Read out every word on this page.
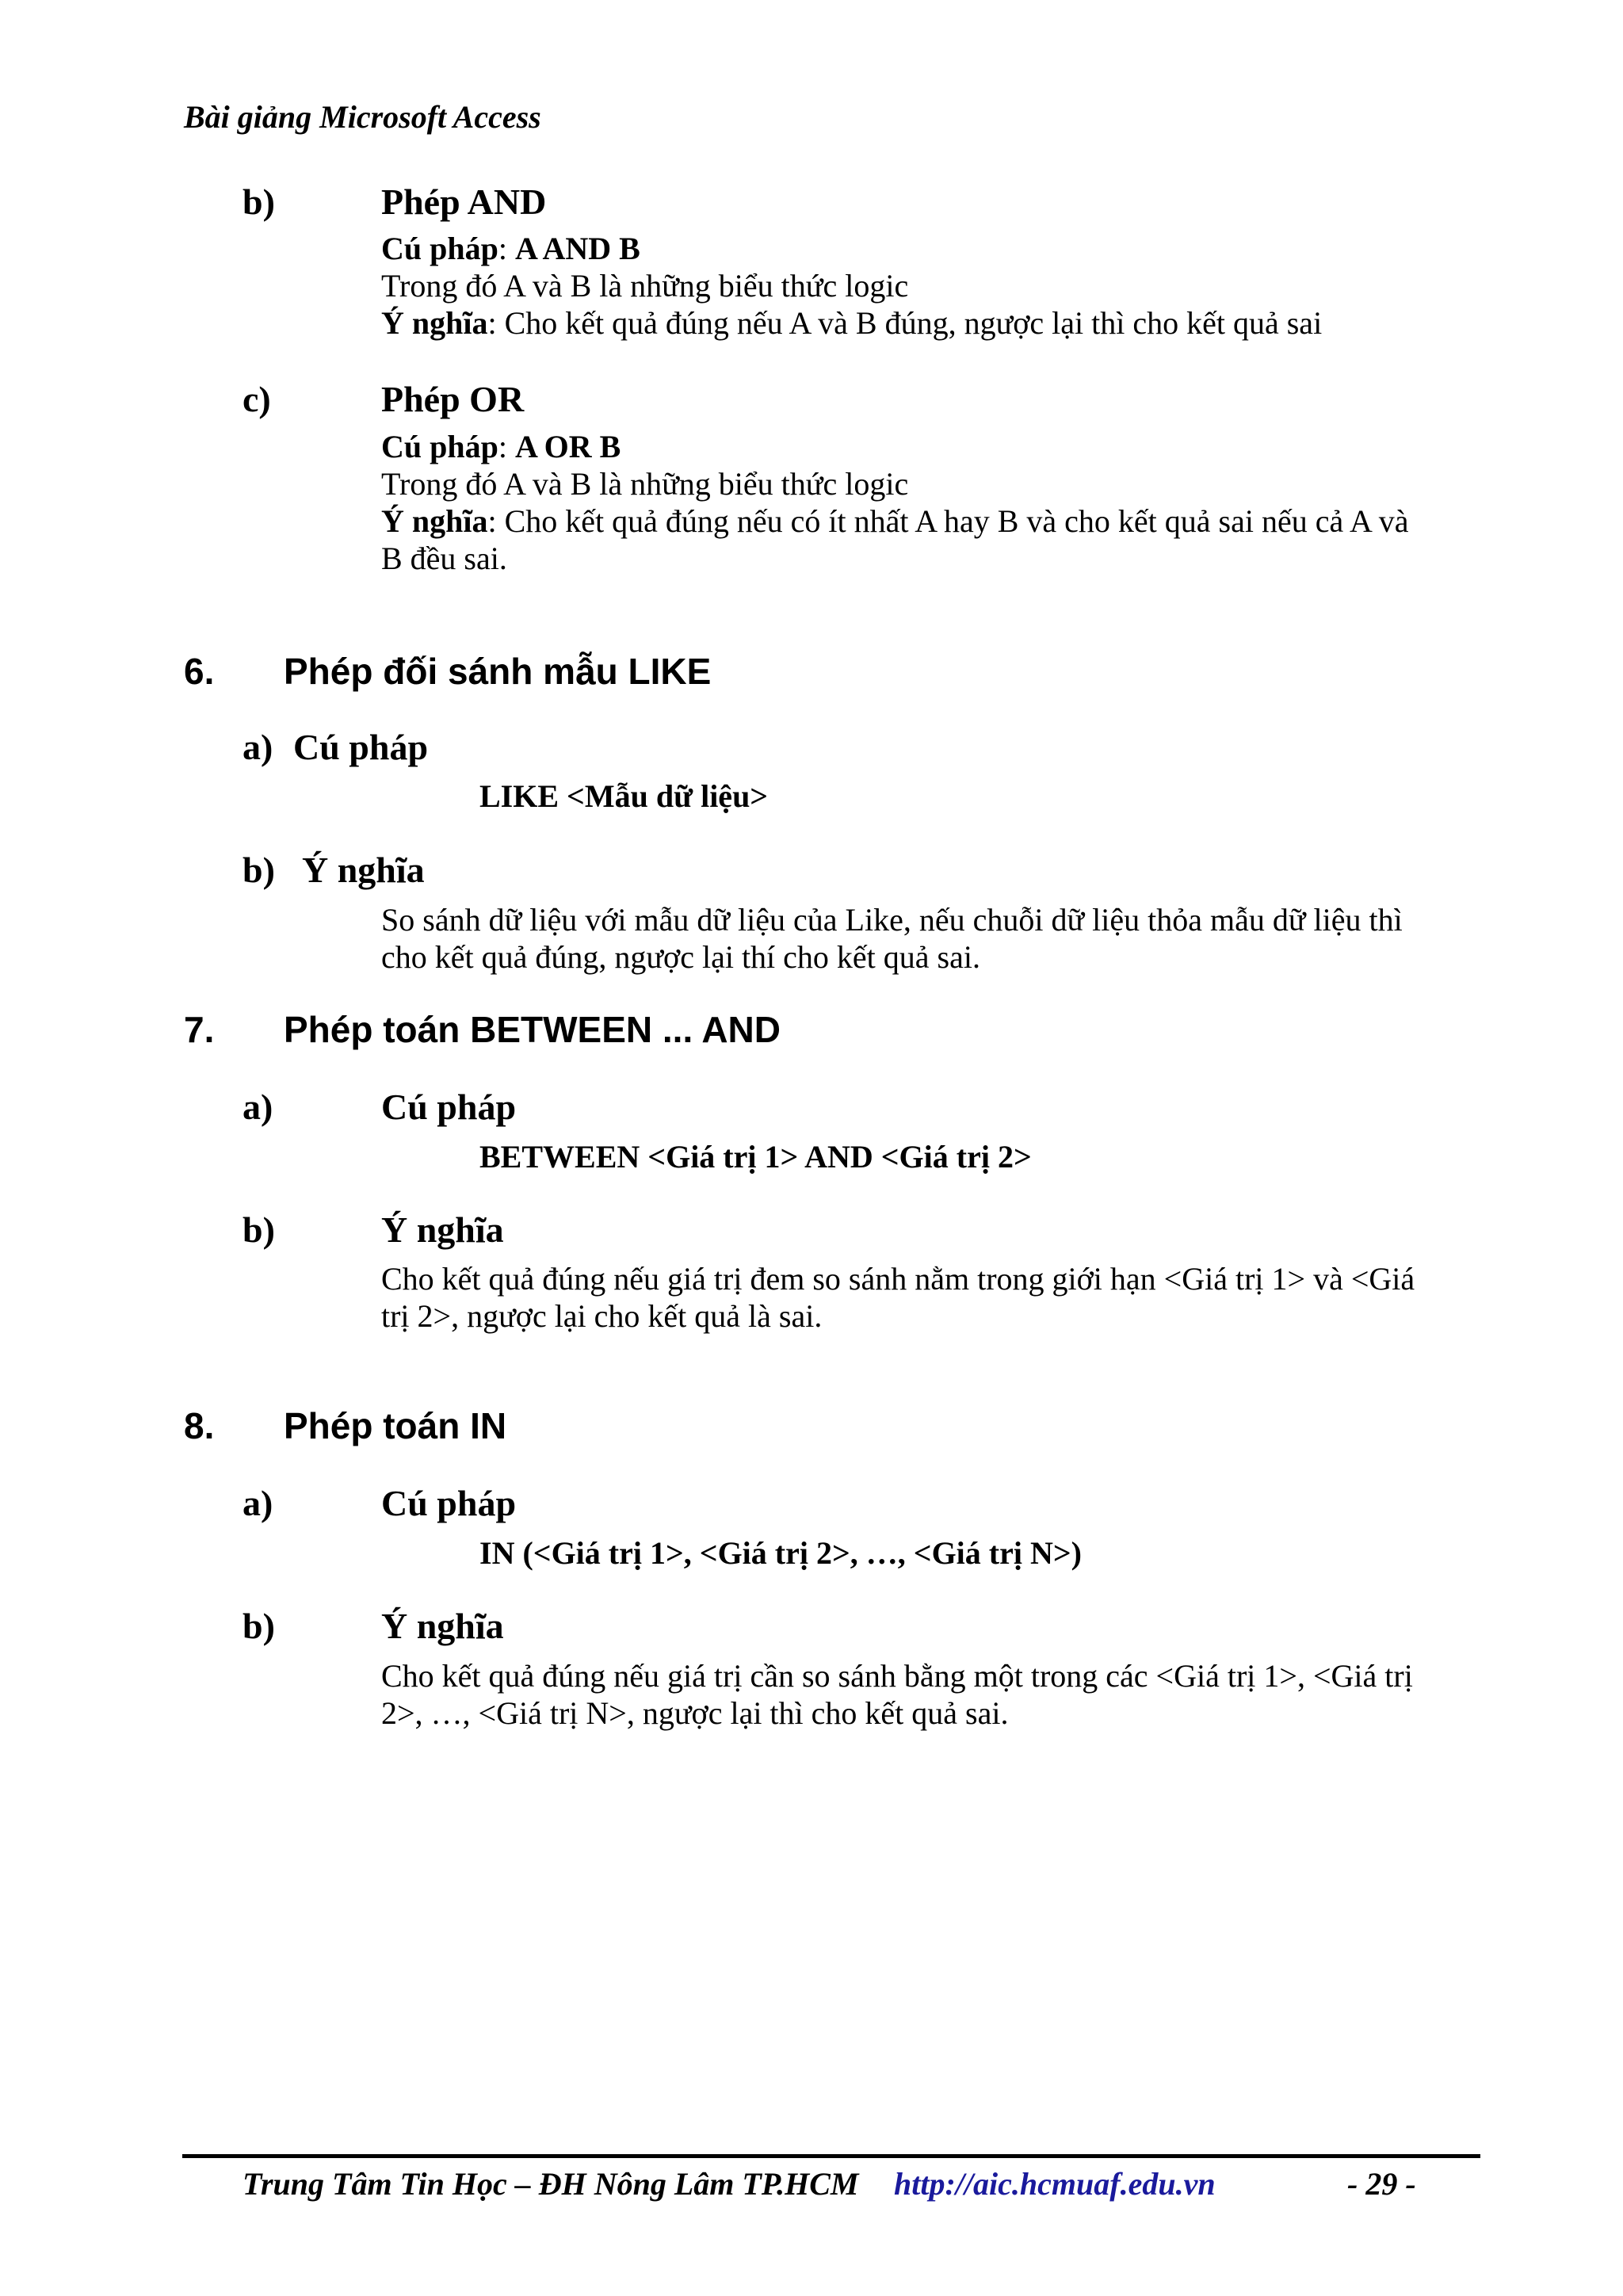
Bài giảng Microsoft Access
b)	Phép AND
Cú pháp: A AND B
Trong đó A và B là những biểu thức logic
Ý nghĩa: Cho kết quả đúng nếu A và B đúng, ngược lại thì cho kết quả sai
c)	Phép OR
Cú pháp: A OR B
Trong đó A và B là những biểu thức logic
Ý nghĩa: Cho kết quả đúng nếu có ít nhất A hay B và cho kết quả sai nếu cả A và
B đều sai.
6. Phép đối sánh mẫu LIKE
a) Cú pháp
LIKE <Mẫu dữ liệu>
b) Ý nghĩa
So sánh dữ liệu với mẫu dữ liệu của Like, nếu chuỗi dữ liệu thỏa mẫu dữ liệu thì
cho kết quả đúng, ngược lại thí cho kết quả sai.
7. Phép toán BETWEEN ... AND
a)	Cú pháp
BETWEEN <Giá trị 1> AND <Giá trị 2>
b)	Ý nghĩa
Cho kết quả đúng nếu giá trị đem so sánh nằm trong giới hạn <Giá trị 1> và <Giá
trị 2>, ngược lại cho kết quả là sai.
8. Phép toán IN
a)	Cú pháp
IN (<Giá trị 1>, <Giá trị 2>, …, <Giá trị N>)
b)	Ý nghĩa
Cho kết quả đúng nếu giá trị cần so sánh bằng một trong các <Giá trị 1>, <Giá trị
2>, …, <Giá trị N>, ngược lại thì cho kết quả sai.
Trung Tâm Tin Học – ĐH Nông Lâm TP.HCM http://aic.hcmuaf.edu.vn	- 29 -
